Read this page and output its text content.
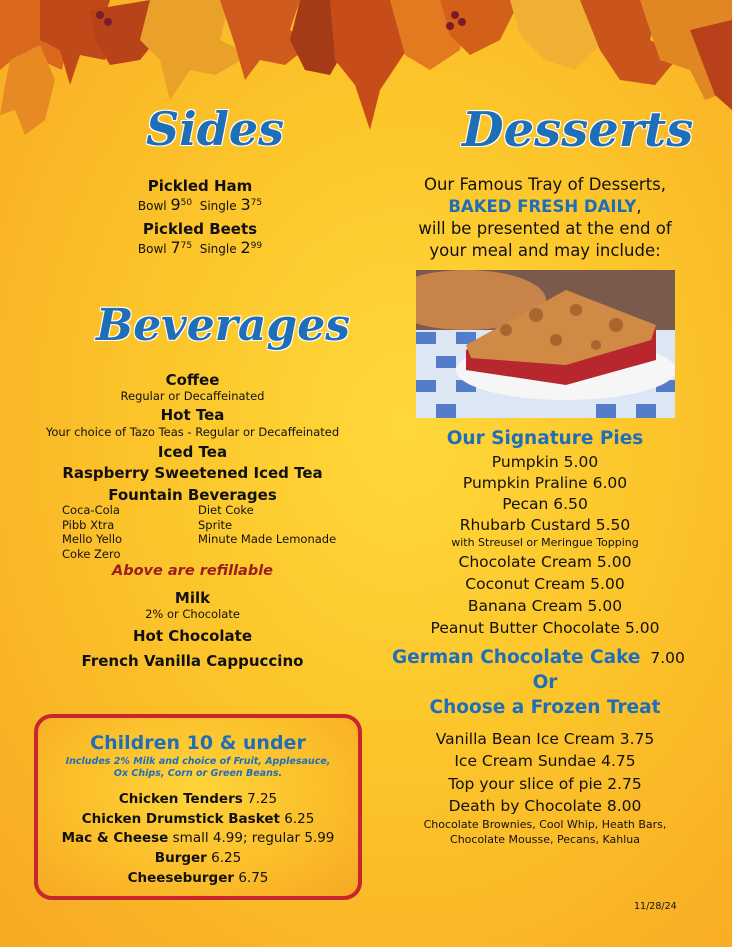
Sides
Pickled Ham
Bowl $9^{50}$ Single $3^{75}$
Pickled Beets
Bowl $7^{75}$ Single $2^{99}$
Beverages
Coffee
Regular or Decaffeinated
Hot Tea
Your choice of Tazo Teas - Regular or Decaffeinated
Iced Tea
Raspberry Sweetened Iced Tea
Fountain Beverages
Coca-Cola
Pibb Xtra
Mello Yello
Coke Zero
Diet Coke
Sprite
Minute Made Lemonade
Above are refillable
Milk
2% or Chocolate
Hot Chocolate
French Vanilla Cappuccino
Children 10 & under
Includes 2% Milk and choice of Fruit, Applesauce,
Ox Chips, Corn or Green Beans.
Chicken Tenders 7.25
Chicken Drumstick Basket 6.25
Mac & Cheese small 4.99; regular 5.99
Burger 6.25
Cheeseburger 6.75
Desserts
Our Famous Tray of Desserts,
BAKED FRESH DAILY,
will be presented at the end of
your meal and may include:
Our Signature Pies
Pumpkin 5.00
Pumpkin Praline 6.00
Pecan 6.50
Rhubarb Custard 5.50
with Streusel or Meringue Topping
Chocolate Cream 5.00
Coconut Cream 5.00
Banana Cream 5.00
Peanut Butter Chocolate 5.00
German Chocolate Cake 7.00
Or
Choose a Frozen Treat
Vanilla Bean Ice Cream 3.75
Ice Cream Sundae 4.75
Top your slice of pie 2.75
Death by Chocolate 8.00
Chocolate Brownies, Cool Whip, Heath Bars,
Chocolate Mousse, Pecans, Kahlua
11/28/24
